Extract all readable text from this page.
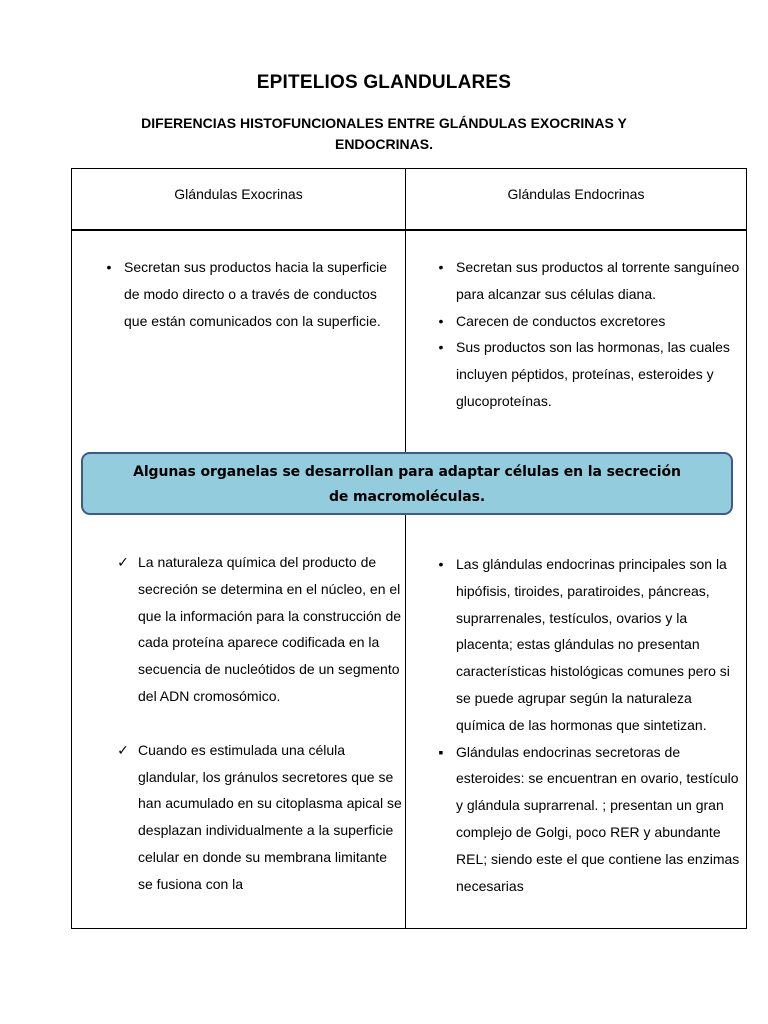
EPITELIOS GLANDULARES
DIFERENCIAS HISTOFUNCIONALES ENTRE GLÁNDULAS EXOCRINAS Y ENDOCRINAS.
Glándulas Exocrinas	Glándulas Endocrinas
• Secretan sus productos hacia la superficie de modo directo o a través de conductos que están comunicados con la superficie.
• Secretan sus productos al torrente sanguíneo para alcanzar sus células diana.
• Carecen de conductos excretores
• Sus productos son las hormonas, las cuales incluyen péptidos, proteínas, esteroides y glucoproteínas.
✓ La naturaleza química del producto de secreción se determina en el núcleo, en el que la información para la construcción de cada proteína aparece codificada en la secuencia de nucleótidos de un segmento del ADN cromosómico.
✓ Cuando es estimulada una célula glandular, los gránulos secretores que se han acumulado en su citoplasma apical se desplazan individualmente a la superficie celular en donde su membrana limitante se fusiona con la
• Las glándulas endocrinas principales son la hipófisis, tiroides, paratiroides, páncreas, suprarrenales, testículos, ovarios y la placenta; estas glándulas no presentan características histológicas comunes pero si se puede agrupar según la naturaleza química de las hormonas que sintetizan.
▪ Glándulas endocrinas secretoras de esteroides: se encuentran en ovario, testículo y glándula suprarrenal. ; presentan un gran complejo de Golgi, poco RER y abundante REL; siendo este el que contiene las enzimas necesarias
Algunas organelas se desarrollan para adaptar células en la secreción de macromoléculas.
